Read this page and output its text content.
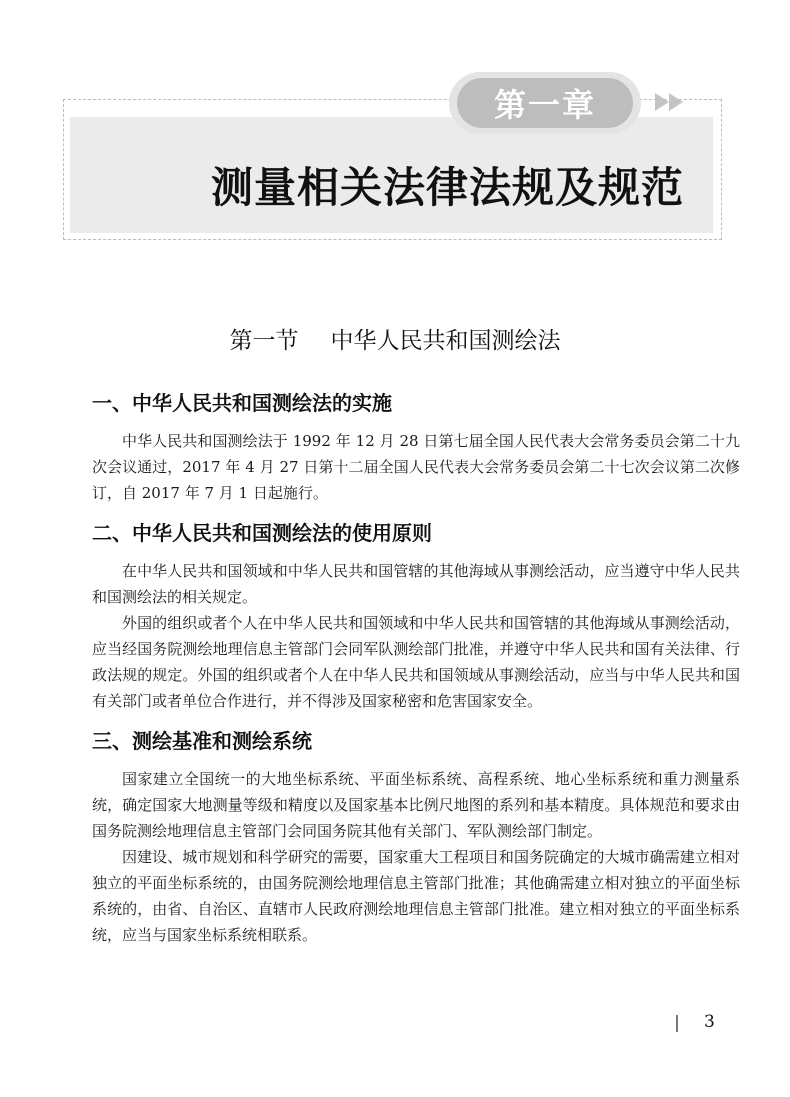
第一章
测量相关法律法规及规范
第一节 中华人民共和国测绘法
一、中华人民共和国测绘法的实施

中华人民共和国测绘法于 1992 年 12 月 28 日第七届全国人民代表大会常务委员会第二十九次会议通过，2017 年 4 月 27 日第十二届全国人民代表大会常务委员会第二十七次会议第二次修订，自 2017 年 7 月 1 日起施行。

二、中华人民共和国测绘法的使用原则

在中华人民共和国领域和中华人民共和国管辖的其他海域从事测绘活动，应当遵守中华人民共和国测绘法的相关规定。

外国的组织或者个人在中华人民共和国领域和中华人民共和国管辖的其他海域从事测绘活动，应当经国务院测绘地理信息主管部门会同军队测绘部门批准，并遵守中华人民共和国有关法律、行政法规的规定。外国的组织或者个人在中华人民共和国领域从事测绘活动，应当与中华人民共和国有关部门或者单位合作进行，并不得涉及国家秘密和危害国家安全。

三、测绘基准和测绘系统

国家建立全国统一的大地坐标系统、平面坐标系统、高程系统、地心坐标系统和重力测量系统，确定国家大地测量等级和精度以及国家基本比例尺地图的系列和基本精度。具体规范和要求由国务院测绘地理信息主管部门会同国务院其他有关部门、军队测绘部门制定。

因建设、城市规划和科学研究的需要，国家重大工程项目和国务院确定的大城市确需建立相对独立的平面坐标系统的，由国务院测绘地理信息主管部门批准；其他确需建立相对独立的平面坐标系统的，由省、自治区、直辖市人民政府测绘地理信息主管部门批准。建立相对独立的平面坐标系统，应当与国家坐标系统相联系。

3
